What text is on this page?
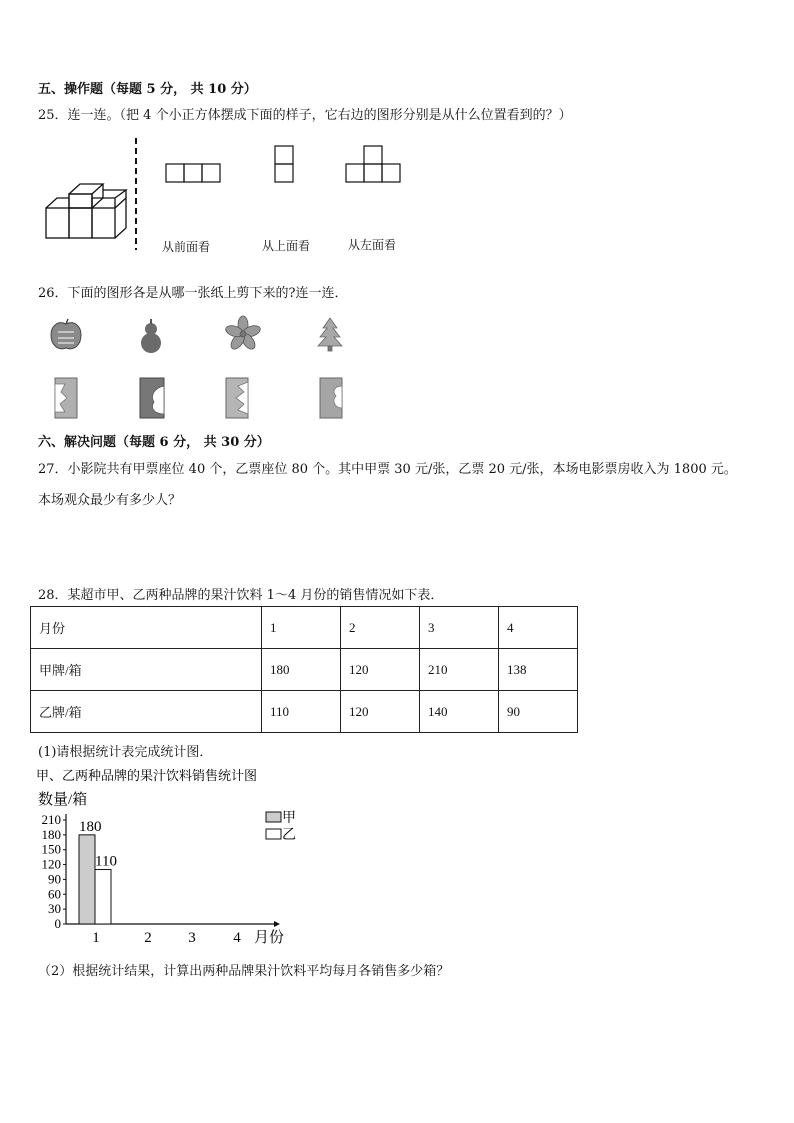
五、操作题（每题 5 分， 共 10 分）
25．连一连。（把 4 个小正方体摆成下面的样子，它右边的图形分别是从什么位置看到的？）
从前面看	从上面看	从左面看
26．下面的图形各是从哪一张纸上剪下来的?连一连．
六、解决问题（每题 6 分， 共 30 分）
27．小影院共有甲票座位 40 个，乙票座位 80 个。其中甲票 30 元/张，乙票 20 元/张，本场电影票房收入为 1800 元。
本场观众最少有多少人？
28．某超市甲、乙两种品牌的果汁饮料 1～4 月份的销售情况如下表．
月份	1	2	3	4
甲牌/箱	180	120	210	138
乙牌/箱	110	120	140	90
(1)请根据统计表完成统计图．
甲、乙两种品牌的果汁饮料销售统计图
数量/箱
月份
0
30
60
90
120
150
180
210
1	2 3	4
180
110
甲
乙
（2）根据统计结果，计算出两种品牌果汁饮料平均每月各销售多少箱？
